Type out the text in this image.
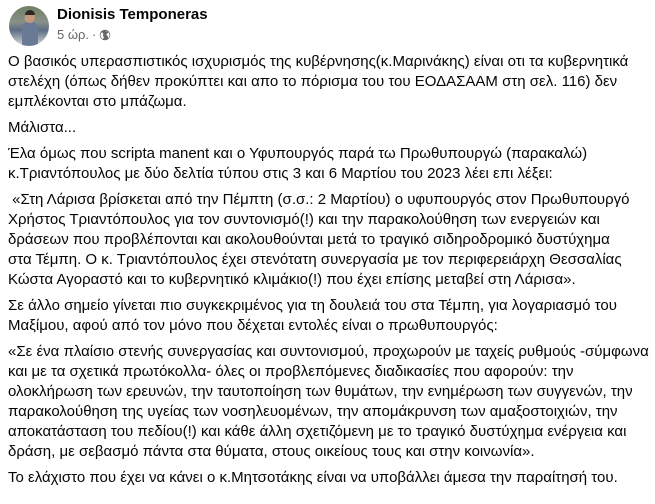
Dionisis Temponeras
5 ώρ. ·

Ο βασικός υπερασπιστικός ισχυρισμός της κυβέρνησης(κ.Μαρινάκης) είναι οτι τα κυβερνητικά
στελέχη (όπως δήθεν προκύπτει και απο το πόρισμα του του ΕΟΔΑΣΑΑΜ στη σελ. 116) δεν
εμπλέκονται στο μπάζωμα.

Μάλιστα...

Έλα όμως που scripta manent και ο Υφυπουργός παρά τω Πρωθυπουργώ (παρακαλώ)
κ.Τριαντόπουλος με δύο δελτία τύπου στις 3 και 6 Μαρτίου του 2023 λέει επι λέξει:

«Στη Λάρισα βρίσκεται από την Πέμπτη (σ.σ.: 2 Μαρτίου) ο υφυπουργός στον Πρωθυπουργό
Χρήστος Τριαντόπουλος για τον συντονισμό(!) και την παρακολούθηση των ενεργειών και
δράσεων που προβλέπονται και ακολουθούνται μετά το τραγικό σιδηροδρομικό δυστύχημα
στα Τέμπη. Ο κ. Τριαντόπουλος έχει στενότατη συνεργασία με τον περιφερειάρχη Θεσσαλίας
Κώστα Αγοραστό και το κυβερνητικό κλιμάκιο(!) που έχει επίσης μεταβεί στη Λάρισα».

Σε άλλο σημείο γίνεται πιο συγκεκριμένος για τη δουλειά του στα Τέμπη, για λογαριασμό του
Μαξίμου, αφού από τον μόνο που δέχεται εντολές είναι ο πρωθυπουργός:

«Σε ένα πλαίσιο στενής συνεργασίας και συντονισμού, προχωρούν με ταχείς ρυθμούς -σύμφωνα
και με τα σχετικά πρωτόκολλα- όλες οι προβλεπόμενες διαδικασίες που αφορούν: την
ολοκλήρωση των ερευνών, την ταυτοποίηση των θυμάτων, την ενημέρωση των συγγενών, την
παρακολούθηση της υγείας των νοσηλευομένων, την απομάκρυνση των αμαξοστοιχιών, την
αποκατάσταση του πεδίου(!) και κάθε άλλη σχετιζόμενη με το τραγικό δυστύχημα ενέργεια και
δράση, με σεβασμό πάντα στα θύματα, στους οικείους τους και στην κοινωνία».

Το ελάχιστο που έχει να κάνει ο κ.Μητσοτάκης είναι να υποβάλλει άμεσα την παραίτησή του.
